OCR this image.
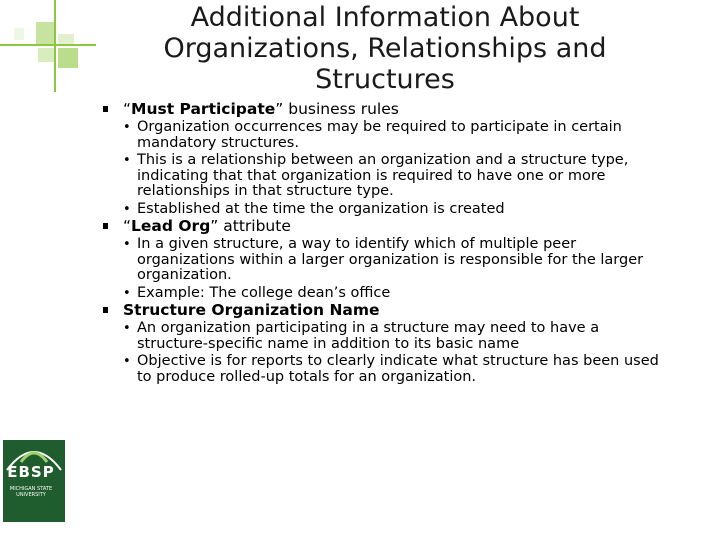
Additional Information About Organizations, Relationships and Structures
“Must Participate” business rules
• Organization occurrences may be required to participate in certain mandatory structures.
• This is a relationship between an organization and a structure type, indicating that that organization is required to have one or more relationships in that structure type.
• Established at the time the organization is created
“Lead Org” attribute
• In a given structure, a way to identify which of multiple peer organizations within a larger organization is responsible for the larger organization.
• Example: The college dean’s office
Structure Organization Name
• An organization participating in a structure may need to have a structure-specific name in addition to its basic name
• Objective is for reports to clearly indicate what structure has been used to produce rolled-up totals for an organization.
EBSP
MICHIGAN STATE UNIVERSITY
